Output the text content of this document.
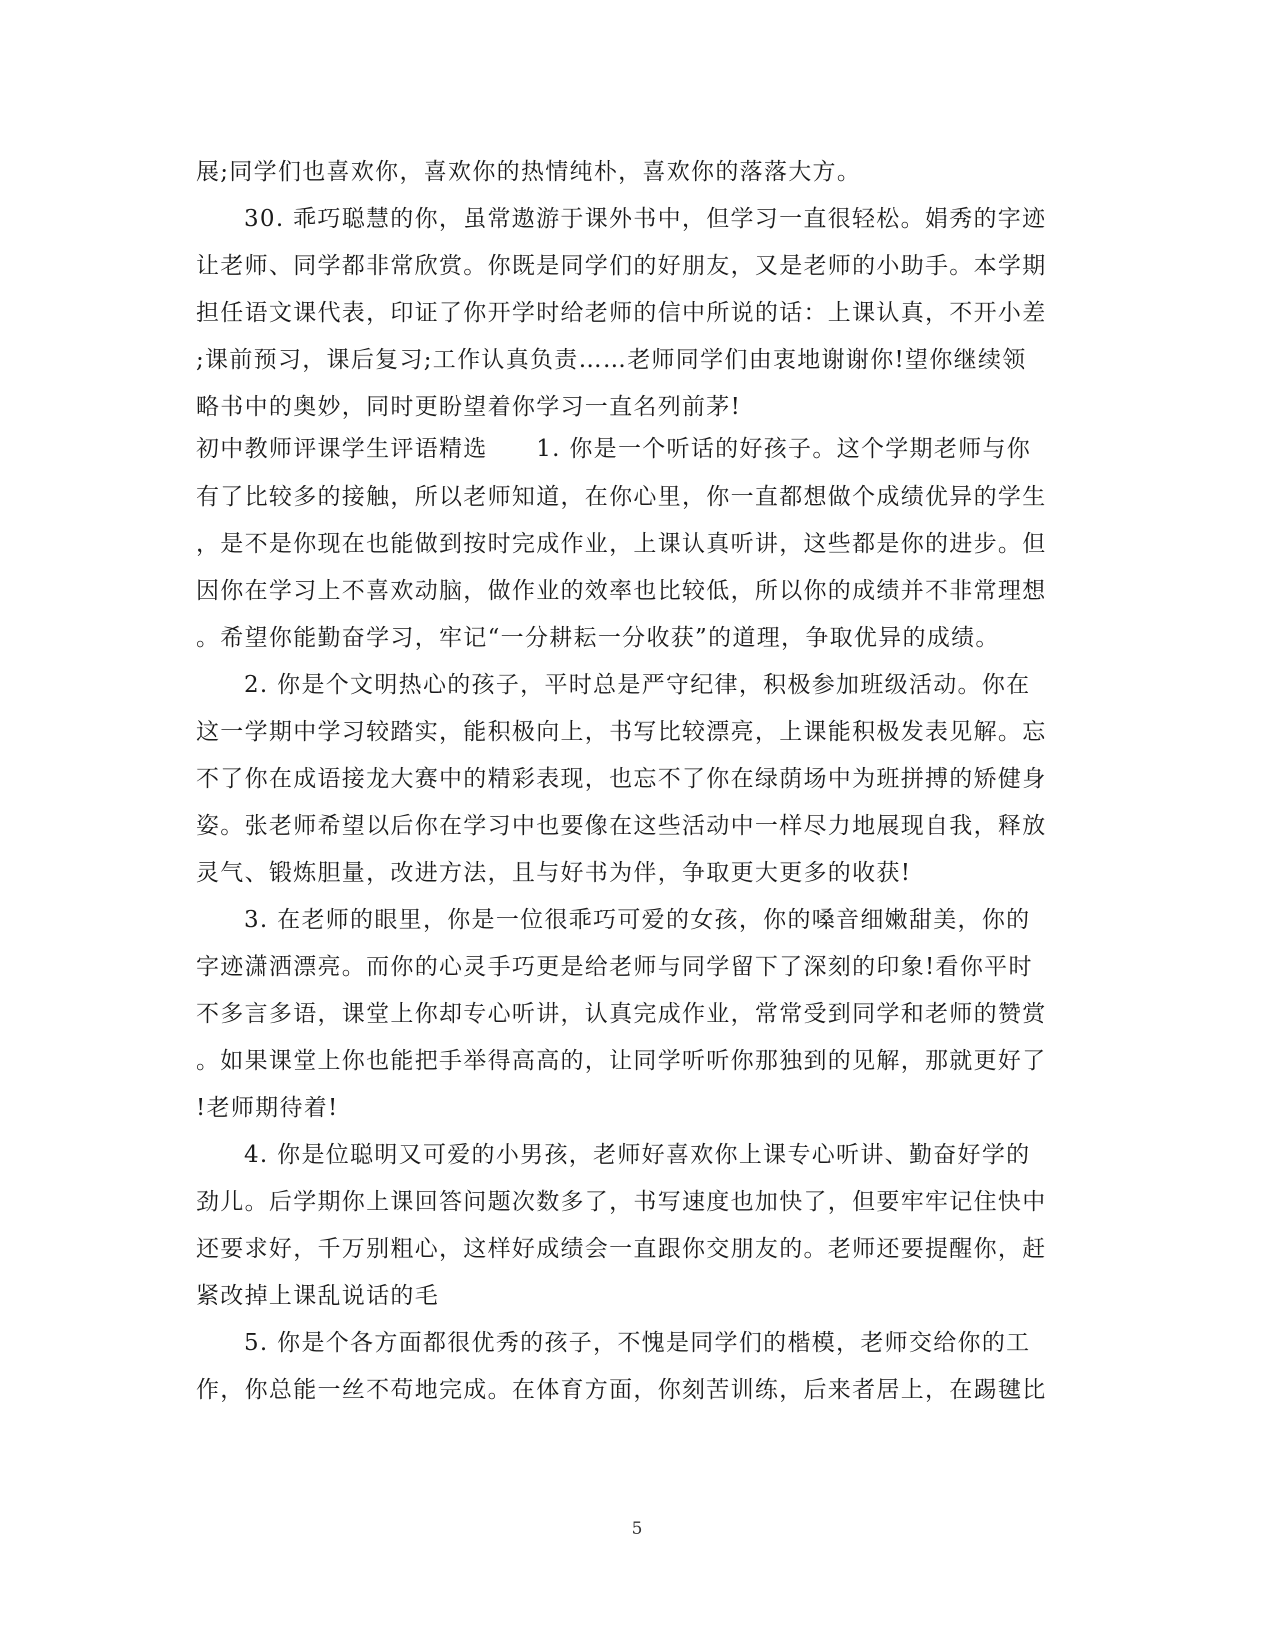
展;同学们也喜欢你，喜欢你的热情纯朴，喜欢你的落落大方。
30. 乖巧聪慧的你，虽常遨游于课外书中，但学习一直很轻松。娟秀的字迹
让老师、同学都非常欣赏。你既是同学们的好朋友，又是老师的小助手。本学期
担任语文课代表，印证了你开学时给老师的信中所说的话：上课认真，不开小差
;课前预习，课后复习;工作认真负责……老师同学们由衷地谢谢你!望你继续领
略书中的奥妙，同时更盼望着你学习一直名列前茅!
初中教师评课学生评语精选　　1. 你是一个听话的好孩子。这个学期老师与你
有了比较多的接触，所以老师知道，在你心里，你一直都想做个成绩优异的学生
，是不是你现在也能做到按时完成作业，上课认真听讲，这些都是你的进步。但
因你在学习上不喜欢动脑，做作业的效率也比较低，所以你的成绩并不非常理想
。希望你能勤奋学习，牢记“一分耕耘一分收获”的道理，争取优异的成绩。
2. 你是个文明热心的孩子，平时总是严守纪律，积极参加班级活动。你在
这一学期中学习较踏实，能积极向上，书写比较漂亮，上课能积极发表见解。忘
不了你在成语接龙大赛中的精彩表现，也忘不了你在绿荫场中为班拼搏的矫健身
姿。张老师希望以后你在学习中也要像在这些活动中一样尽力地展现自我，释放
灵气、锻炼胆量，改进方法，且与好书为伴，争取更大更多的收获!
3. 在老师的眼里，你是一位很乖巧可爱的女孩，你的嗓音细嫩甜美，你的
字迹潇洒漂亮。而你的心灵手巧更是给老师与同学留下了深刻的印象!看你平时
不多言多语，课堂上你却专心听讲，认真完成作业，常常受到同学和老师的赞赏
。如果课堂上你也能把手举得高高的，让同学听听你那独到的见解，那就更好了
!老师期待着!
4. 你是位聪明又可爱的小男孩，老师好喜欢你上课专心听讲、勤奋好学的
劲儿。后学期你上课回答问题次数多了，书写速度也加快了，但要牢牢记住快中
还要求好，千万别粗心，这样好成绩会一直跟你交朋友的。老师还要提醒你，赶
紧改掉上课乱说话的毛
5. 你是个各方面都很优秀的孩子，不愧是同学们的楷模，老师交给你的工
作，你总能一丝不苟地完成。在体育方面，你刻苦训练，后来者居上，在踢毽比
5
